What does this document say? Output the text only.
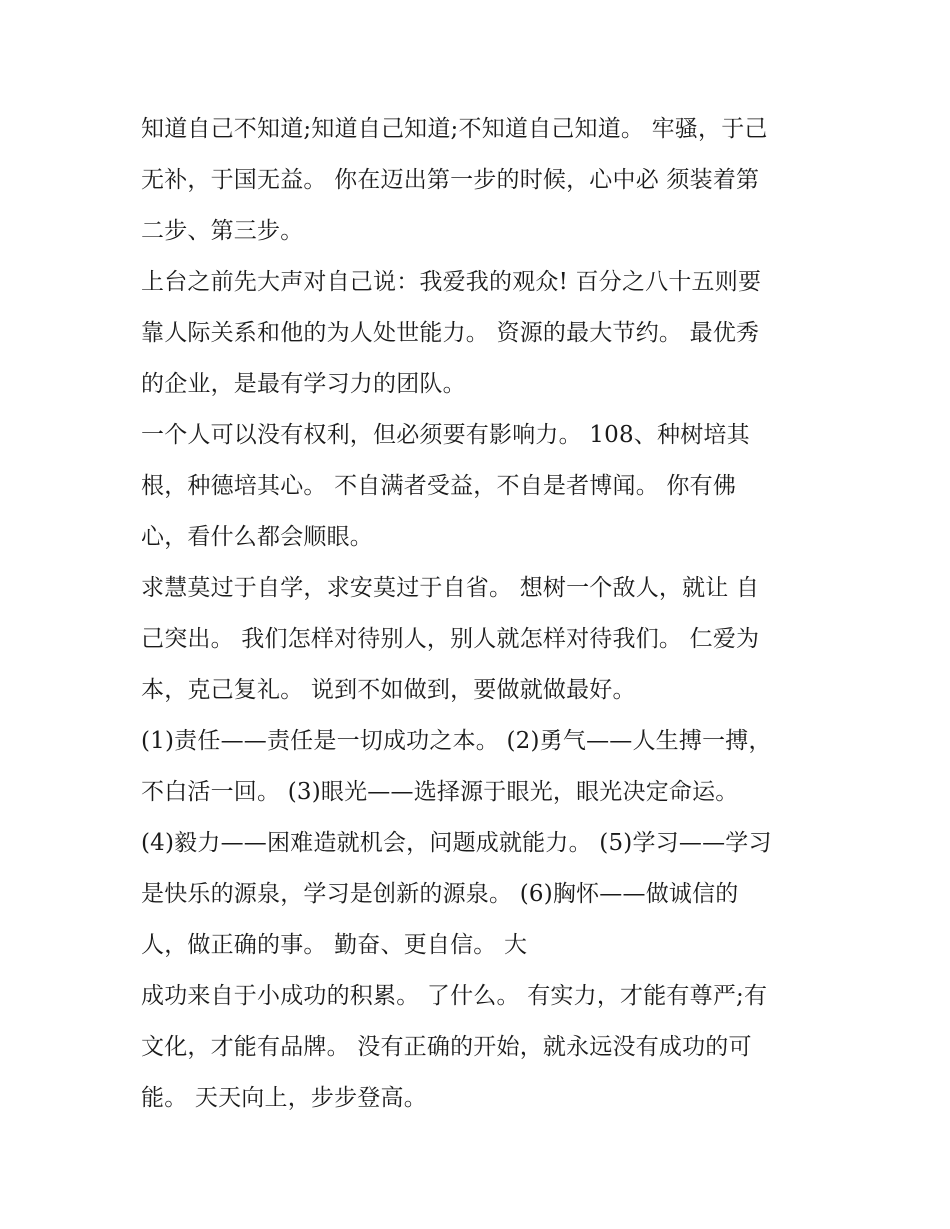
知道自己不知道;知道自己知道;不知道自己知道。 牢骚，于己
无补，于国无益。 你在迈出第一步的时候，心中必 须装着第
二步、第三步。
上台之前先大声对自己说：我爱我的观众! 百分之八十五则要
靠人际关系和他的为人处世能力。 资源的最大节约。 最优秀
的企业，是最有学习力的团队。
一个人可以没有权利，但必须要有影响力。 108、种树培其
根，种德培其心。 不自满者受益，不自是者博闻。 你有佛
心，看什么都会顺眼。
求慧莫过于自学，求安莫过于自省。 想树一个敌人，就让 自
己突出。 我们怎样对待别人，别人就怎样对待我们。 仁爱为
本，克己复礼。 说到不如做到，要做就做最好。
(1)责任——责任是一切成功之本。 (2)勇气——人生搏一搏，
不白活一回。 (3)眼光——选择源于眼光，眼光决定命运。
(4)毅力——困难造就机会，问题成就能力。 (5)学习——学习
是快乐的源泉，学习是创新的源泉。 (6)胸怀——做诚信的
人，做正确的事。 勤奋、更自信。 大
成功来自于小成功的积累。 了什么。 有实力，才能有尊严;有
文化，才能有品牌。 没有正确的开始，就永远没有成功的可
能。 天天向上，步步登高。
